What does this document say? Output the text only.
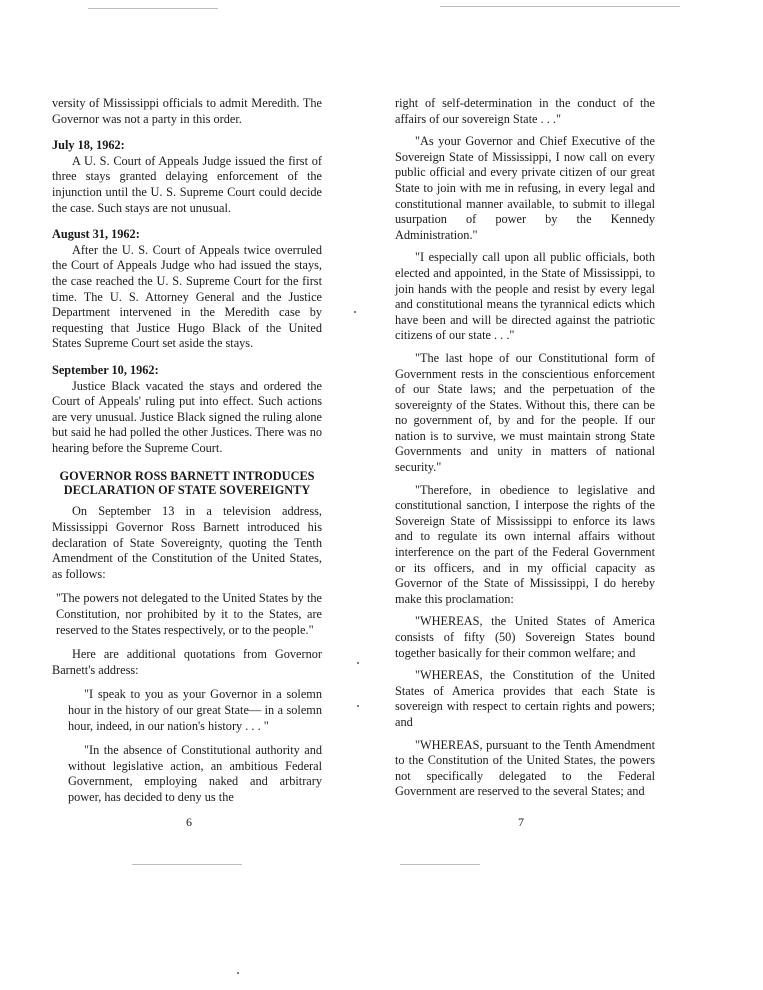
versity of Mississippi officials to admit Meredith. The Governor was not a party in this order.

July 18, 1962:

A U. S. Court of Appeals Judge issued the first of three stays granted delaying enforcement of the injunction until the U. S. Supreme Court could decide the case. Such stays are not unusual.

August 31, 1962:

After the U. S. Court of Appeals twice overruled the Court of Appeals Judge who had issued the stays, the case reached the U. S. Supreme Court for the first time. The U. S. Attorney General and the Justice Department intervened in the Meredith case by requesting that Justice Hugo Black of the United States Supreme Court set aside the stays.

September 10, 1962:

Justice Black vacated the stays and ordered the Court of Appeals' ruling put into effect. Such actions are very unusual. Justice Black signed the ruling alone but said he had polled the other Justices. There was no hearing before the Supreme Court.

GOVERNOR ROSS BARNETT INTRODUCES DECLARATION OF STATE SOVEREIGNTY

On September 13 in a television address, Mississippi Governor Ross Barnett introduced his declaration of State Sovereignty, quoting the Tenth Amendment of the Constitution of the United States, as follows:

"The powers not delegated to the United States by the Constitution, nor prohibited by it to the States, are reserved to the States respectively, or to the people."

Here are additional quotations from Governor Barnett's address:

"I speak to you as your Governor in a solemn hour in the history of our great State— in a solemn hour, indeed, in our nation's history . . . "

"In the absence of Constitutional authority and without legislative action, an ambitious Federal Government, employing naked and arbitrary power, has decided to deny us the

right of self-determination in the conduct of the affairs of our sovereign State . . ."

"As your Governor and Chief Executive of the Sovereign State of Mississippi, I now call on every public official and every private citizen of our great State to join with me in refusing, in every legal and constitutional manner available, to submit to illegal usurpation of power by the Kennedy Administration."

"I especially call upon all public officials, both elected and appointed, in the State of Mississippi, to join hands with the people and resist by every legal and constitutional means the tyrannical edicts which have been and will be directed against the patriotic citizens of our state . . ."

"The last hope of our Constitutional form of Government rests in the conscientious enforcement of our State laws; and the perpetuation of the sovereignty of the States. Without this, there can be no government of, by and for the people. If our nation is to survive, we must maintain strong State Governments and unity in matters of national security."

"Therefore, in obedience to legislative and constitutional sanction, I interpose the rights of the Sovereign State of Mississippi to enforce its laws and to regulate its own internal affairs without interference on the part of the Federal Government or its officers, and in my official capacity as Governor of the State of Mississippi, I do hereby make this proclamation:

"WHEREAS, the United States of America consists of fifty (50) Sovereign States bound together basically for their common welfare; and

"WHEREAS, the Constitution of the United States of America provides that each State is sovereign with respect to certain rights and powers; and

"WHEREAS, pursuant to the Tenth Amendment to the Constitution of the United States, the powers not specifically delegated to the Federal Government are reserved to the several States; and

6	7
